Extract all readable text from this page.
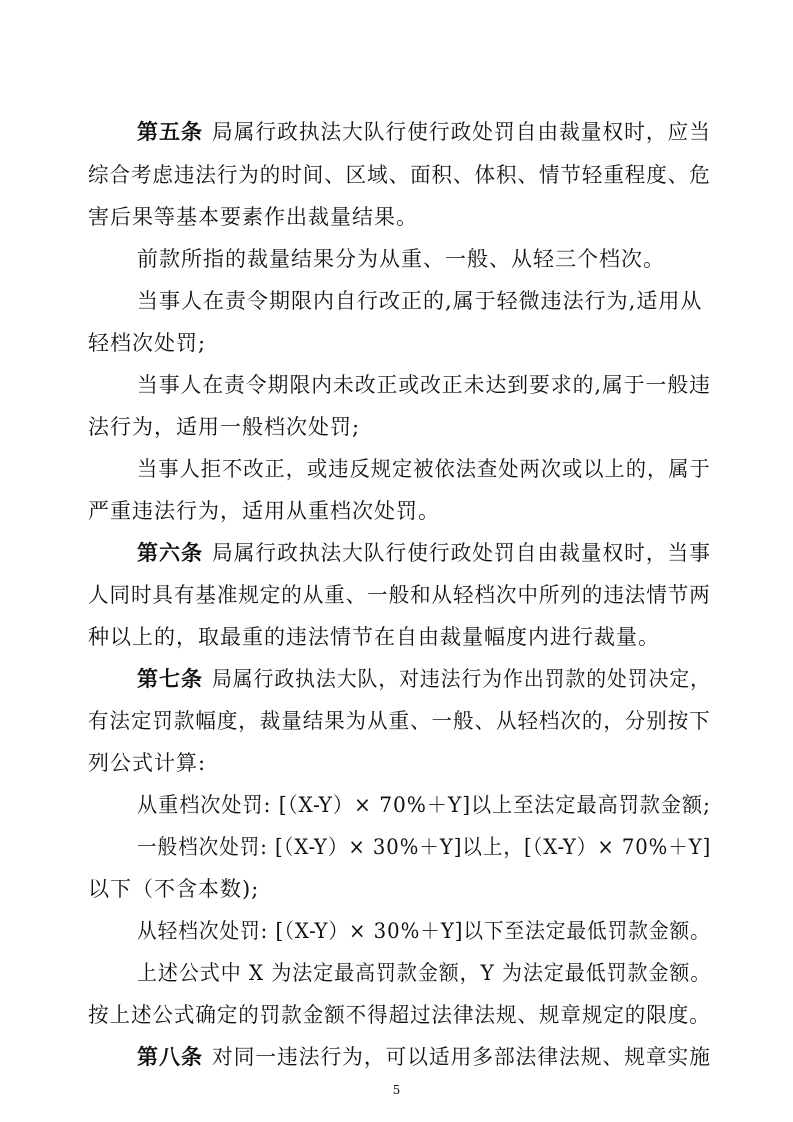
第五条 局属行政执法大队行使行政处罚自由裁量权时，应当
综合考虑违法行为的时间、区域、面积、体积、情节轻重程度、危
害后果等基本要素作出裁量结果。
前款所指的裁量结果分为从重、一般、从轻三个档次。
当事人在责令期限内自行改正的,属于轻微违法行为,适用从
轻档次处罚;
当事人在责令期限内未改正或改正未达到要求的,属于一般违
法行为，适用一般档次处罚;
当事人拒不改正，或违反规定被依法查处两次或以上的，属于
严重违法行为，适用从重档次处罚。
第六条 局属行政执法大队行使行政处罚自由裁量权时，当事
人同时具有基准规定的从重、一般和从轻档次中所列的违法情节两
种以上的，取最重的违法情节在自由裁量幅度内进行裁量。
第七条 局属行政执法大队，对违法行为作出罚款的处罚决定，
有法定罚款幅度，裁量结果为从重、一般、从轻档次的，分别按下
列公式计算:
从重档次处罚: [（X-Y）× 70%＋Y]以上至法定最高罚款金额;
一般档次处罚: [（X-Y）× 30%＋Y]以上，[（X-Y）× 70%＋Y]
以下（不含本数);
从轻档次处罚: [（X-Y）× 30%＋Y]以下至法定最低罚款金额。
上述公式中 X 为法定最高罚款金额，Y 为法定最低罚款金额。
按上述公式确定的罚款金额不得超过法律法规、规章规定的限度。
第八条 对同一违法行为，可以适用多部法律法规、规章实施
5
